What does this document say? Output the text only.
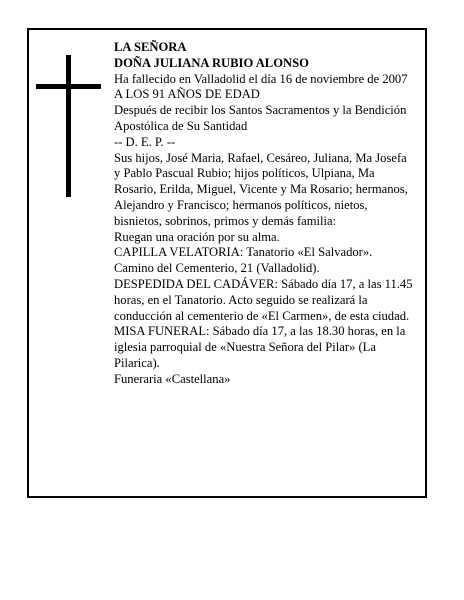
LA SEÑORA

DOÑA JULIANA RUBIO ALONSO

Ha fallecido en Valladolid el día 16 de noviembre de 2007

A LOS 91 AÑOS DE EDAD

Después de recibir los Santos Sacramentos y la Bendición Apostólica de Su Santidad

-- D. E. P. --

Sus hijos, José Maria, Rafael, Cesáreo, Juliana, Ma Josefa y Pablo Pascual Rubio; hijos políticos, Ulpiana, Ma Rosario, Erilda, Miguel, Vicente y Ma Rosario; hermanos, Alejandro y Francisco; hermanos políticos, nietos, bisnietos, sobrinos, primos y demás familia:

Ruegan una oración por su alma.

CAPILLA VELATORIA: Tanatorio «El Salvador». Camino del Cementerio, 21 (Valladolid).

DESPEDIDA DEL CADÁVER: Sábado día 17, a las 11.45 horas, en el Tanatorio. Acto seguido se realizará la conducción al cementerio de «El Carmen», de esta ciudad.

MISA FUNERAL: Sábado día 17, a las 18.30 horas, en la iglesia parroquial de «Nuestra Señora del Pilar» (La Pilarica).

Funeraria «Castellana»
